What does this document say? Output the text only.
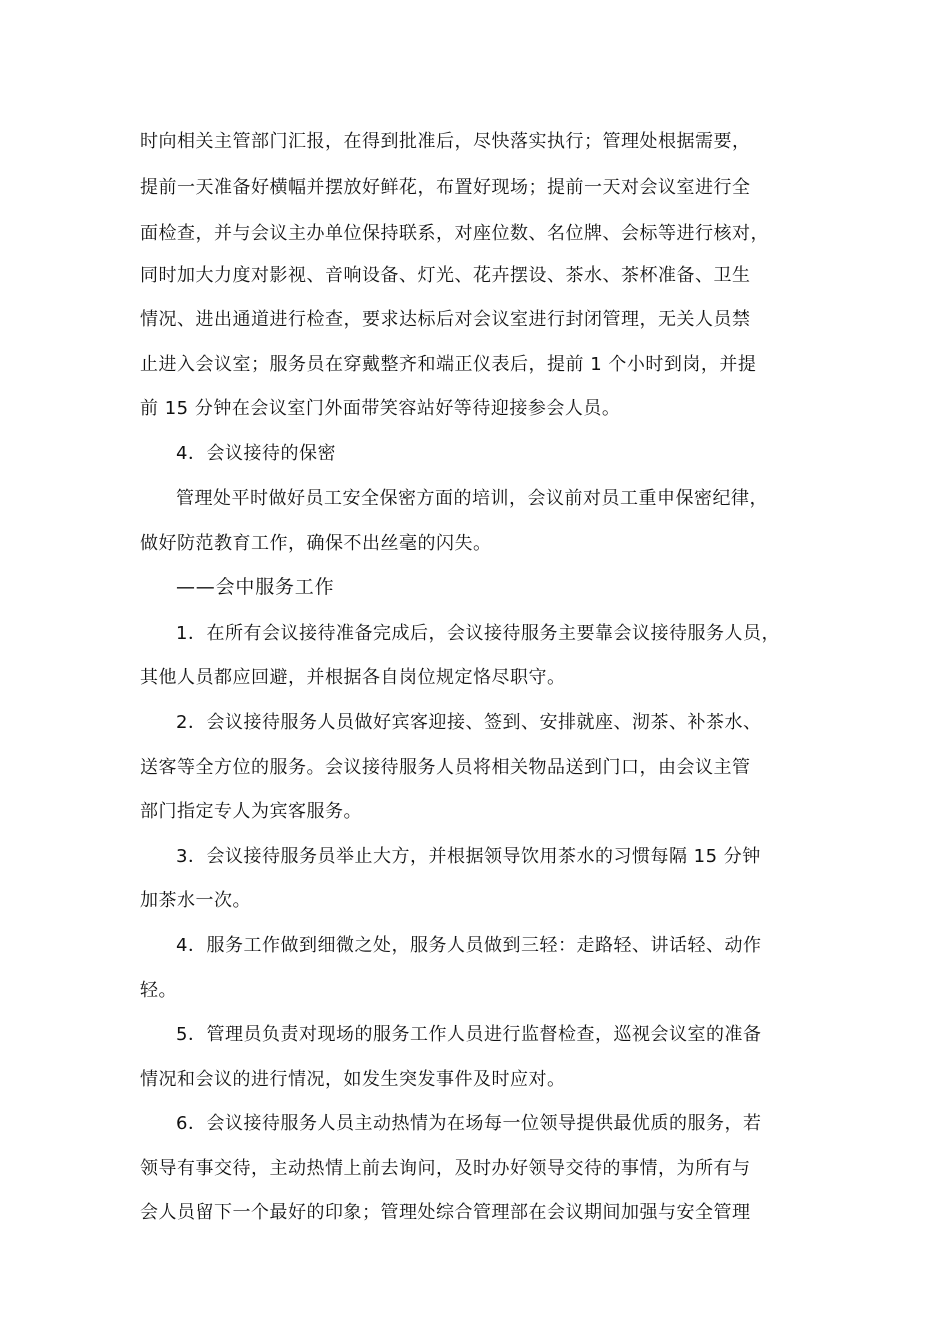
时向相关主管部门汇报，在得到批准后，尽快落实执行；管理处根据需要，
提前一天准备好横幅并摆放好鲜花，布置好现场；提前一天对会议室进行全
面检查，并与会议主办单位保持联系，对座位数、名位牌、会标等进行核对，
同时加大力度对影视、音响设备、灯光、花卉摆设、茶水、茶杯准备、卫生
情况、进出通道进行检查，要求达标后对会议室进行封闭管理，无关人员禁
止进入会议室；服务员在穿戴整齐和端正仪表后，提前 1 个小时到岗，并提
前 15 分钟在会议室门外面带笑容站好等待迎接参会人员。
4．会议接待的保密
管理处平时做好员工安全保密方面的培训，会议前对员工重申保密纪律，
做好防范教育工作，确保不出丝毫的闪失。
——会中服务工作
1．在所有会议接待准备完成后，会议接待服务主要靠会议接待服务人员，
其他人员都应回避，并根据各自岗位规定恪尽职守。
2．会议接待服务人员做好宾客迎接、签到、安排就座、沏茶、补茶水、
送客等全方位的服务。会议接待服务人员将相关物品送到门口，由会议主管
部门指定专人为宾客服务。
3．会议接待服务员举止大方，并根据领导饮用茶水的习惯每隔 15 分钟
加茶水一次。
4．服务工作做到细微之处，服务人员做到三轻：走路轻、讲话轻、动作
轻。
5．管理员负责对现场的服务工作人员进行监督检查，巡视会议室的准备
情况和会议的进行情况，如发生突发事件及时应对。
6．会议接待服务人员主动热情为在场每一位领导提供最优质的服务，若
领导有事交待，主动热情上前去询问，及时办好领导交待的事情，为所有与
会人员留下一个最好的印象；管理处综合管理部在会议期间加强与安全管理
